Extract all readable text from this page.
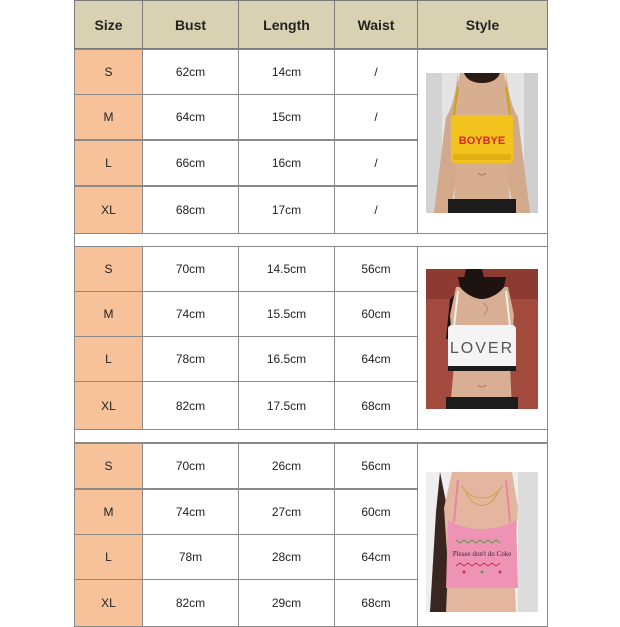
Size	Bust	Length	Waist	Style
S	62cm	14cm	/
M	64cm	15cm	/
L	66cm	16cm	/
XL	68cm	17cm	/
BOYBYE
S	70cm	14.5cm	56cm
M	74cm	15.5cm	60cm
L	78cm	16.5cm	64cm
XL	82cm	17.5cm	68cm
LOVER
S	70cm	26cm	56cm
M	74cm	27cm	60cm
L	78m	28cm	64cm
XL	82cm	29cm	68cm
Please don't do Coke
